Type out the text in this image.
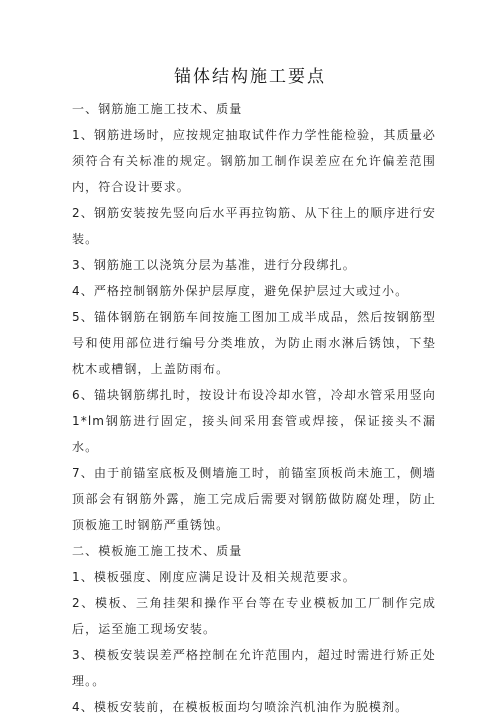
锚体结构施工要点

一、钢筋施工施工技术、质量

1、钢筋进场时，应按规定抽取试件作力学性能检验，其质量必须符合有关标准的规定。钢筋加工制作误差应在允许偏差范围内，符合设计要求。

2、钢筋安装按先竖向后水平再拉钩筋、从下往上的顺序进行安装。

3、钢筋施工以浇筑分层为基准，进行分段绑扎。

4、严格控制钢筋外保护层厚度，避免保护层过大或过小。

5、锚体钢筋在钢筋车间按施工图加工成半成品，然后按钢筋型号和使用部位进行编号分类堆放，为防止雨水淋后锈蚀，下垫枕木或槽钢，上盖防雨布。

6、锚块钢筋绑扎时，按设计布设冷却水管，冷却水管采用竖向1*lm钢筋进行固定，接头间采用套管或焊接，保证接头不漏水。

7、由于前锚室底板及侧墙施工时，前锚室顶板尚未施工，侧墙顶部会有钢筋外露，施工完成后需要对钢筋做防腐处理，防止顶板施工时钢筋严重锈蚀。

二、模板施工施工技术、质量

1、模板强度、刚度应满足设计及相关规范要求。

2、模板、三角挂架和操作平台等在专业模板加工厂制作完成后，运至施工现场安装。

3、模板安装误差严格控制在允许范围内，超过时需进行矫正处理。。

4、模板安装前，在模板板面均匀喷涂汽机油作为脱模剂。
